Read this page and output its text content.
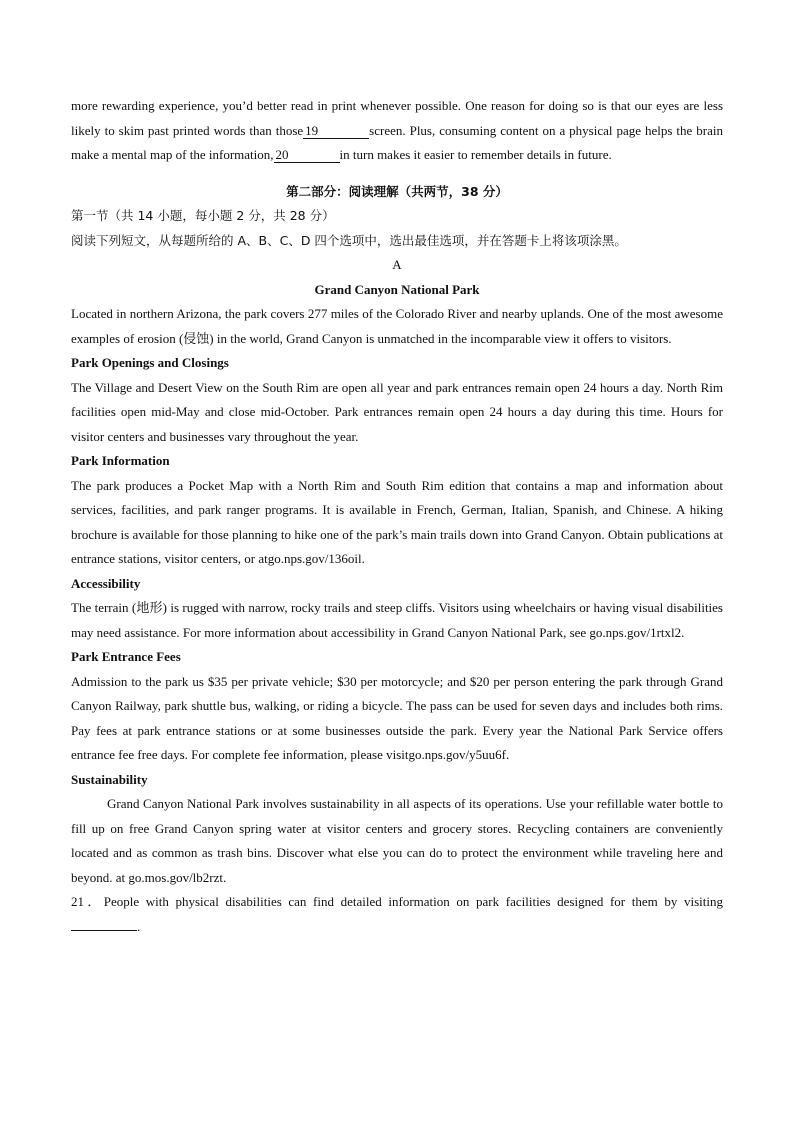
more rewarding experience, you’d better read in print whenever possible. One reason for doing so is that our eyes are less likely to skim past printed words than those 19	screen. Plus, consuming content on a physical page helps the brain make a mental map of the information, 20	in turn makes it easier to remember details in future.

第二部分：阅读理解（共两节，38 分）

第一节（共 14 小题，每小题 2 分，共 28 分）

阅读下列短文，从每题所给的 A、B、C、D 四个选项中，选出最佳选项，并在答题卡上将该项涂黑。

A

Grand Canyon National Park

Located in northern Arizona, the park covers 277 miles of the Colorado River and nearby uplands. One of the most awesome examples of erosion (侵蚀) in the world, Grand Canyon is unmatched in the incomparable view it offers to visitors.

Park Openings and Closings

The Village and Desert View on the South Rim are open all year and park entrances remain open 24 hours a day. North Rim facilities open mid-May and close mid-October. Park entrances remain open 24 hours a day during this time. Hours for visitor centers and businesses vary throughout the year.

Park Information

The park produces a Pocket Map with a North Rim and South Rim edition that contains a map and information about services, facilities, and park ranger programs. It is available in French, German, Italian, Spanish, and Chinese. A hiking brochure is available for those planning to hike one of the park’s main trails down into Grand Canyon. Obtain publications at entrance stations, visitor centers, or atgo.nps.gov/136oil.

Accessibility

The terrain (地形) is rugged with narrow, rocky trails and steep cliffs. Visitors using wheelchairs or having visual disabilities may need assistance. For more information about accessibility in Grand Canyon National Park, see go.nps.gov/1rtxl2.

Park Entrance Fees

Admission to the park us $35 per private vehicle; $30 per motorcycle; and $20 per person entering the park through Grand Canyon Railway, park shuttle bus, walking, or riding a bicycle. The pass can be used for seven days and includes both rims. Pay fees at park entrance stations or at some businesses outside the park. Every year the National Park Service offers entrance fee free days. For complete fee information, please visitgo.nps.gov/y5uu6f.

Sustainability

Grand Canyon National Park involves sustainability in all aspects of its operations. Use your refillable water bottle to fill up on free Grand Canyon spring water at visitor centers and grocery stores. Recycling containers are conveniently located and as common as trash bins. Discover what else you can do to protect the environment while traveling here and beyond. at go.mos.gov/lb2rzt.

21．People with physical disabilities can find detailed information on park facilities designed for them by visiting.
